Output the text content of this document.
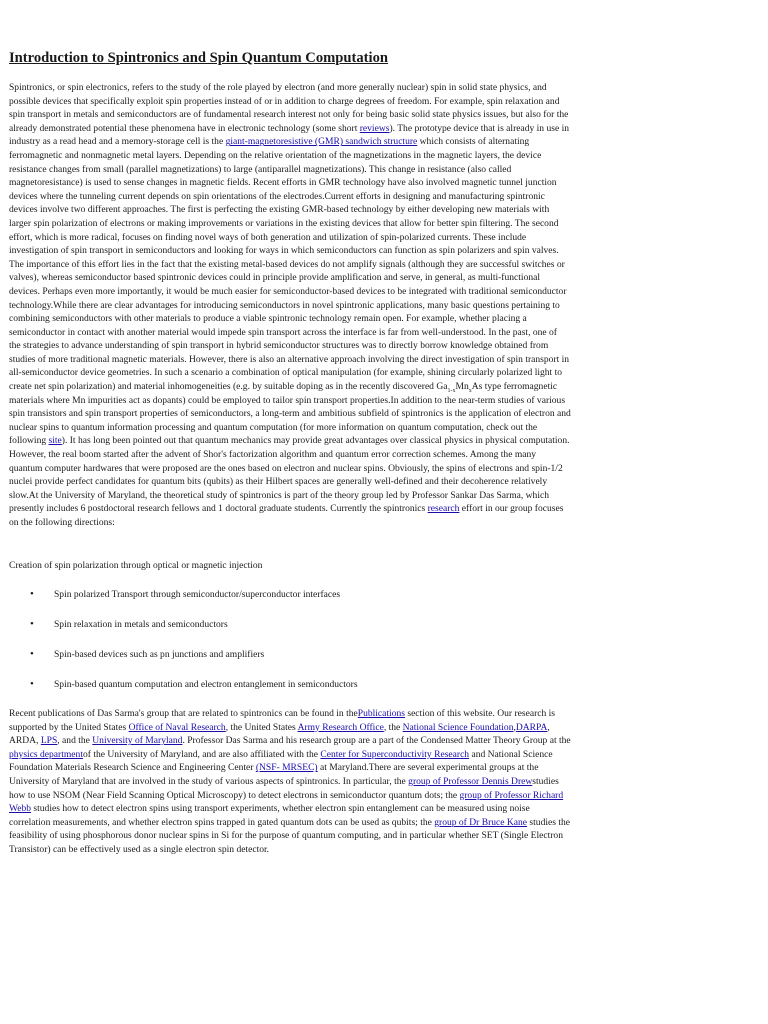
Introduction to Spintronics and Spin Quantum Computation

Spintronics, or spin electronics, refers to the study of the role played by electron (and more generally nuclear) spin in solid state physics, and possible devices that specifically exploit spin properties instead of or in addition to charge degrees of freedom. For example, spin relaxation and spin transport in metals and semiconductors are of fundamental research interest not only for being basic solid state physics issues, but also for the already demonstrated potential these phenomena have in electronic technology (some short reviews). The prototype device that is already in use in industry as a read head and a memory-storage cell is the giant-magnetoresistive (GMR) sandwich structure which consists of alternating ferromagnetic and nonmagnetic metal layers. Depending on the relative orientation of the magnetizations in the magnetic layers, the device resistance changes from small (parallel magnetizations) to large (antiparallel magnetizations). This change in resistance (also called magnetoresistance) is used to sense changes in magnetic fields. Recent efforts in GMR technology have also involved magnetic tunnel junction devices where the tunneling current depends on spin orientations of the electrodes.Current efforts in designing and manufacturing spintronic devices involve two different approaches. The first is perfecting the existing GMR-based technology by either developing new materials with larger spin polarization of electrons or making improvements or variations in the existing devices that allow for better spin filtering. The second effort, which is more radical, focuses on finding novel ways of both generation and utilization of spin-polarized currents. These include investigation of spin transport in semiconductors and looking for ways in which semiconductors can function as spin polarizers and spin valves. The importance of this effort lies in the fact that the existing metal-based devices do not amplify signals (although they are successful switches or valves), whereas semiconductor based spintronic devices could in principle provide amplification and serve, in general, as multi-functional devices. Perhaps even more importantly, it would be much easier for semiconductor-based devices to be integrated with traditional semiconductor technology.While there are clear advantages for introducing semiconductors in novel spintronic applications, many basic questions pertaining to combining semiconductors with other materials to produce a viable spintronic technology remain open. For example, whether placing a semiconductor in contact with another material would impede spin transport across the interface is far from well-understood. In the past, one of the strategies to advance understanding of spin transport in hybrid semiconductor structures was to directly borrow knowledge obtained from studies of more traditional magnetic materials. However, there is also an alternative approach involving the direct investigation of spin transport in all-semiconductor device geometries. In such a scenario a combination of optical manipulation (for example, shining circularly polarized light to create net spin polarization) and material inhomogeneities (e.g. by suitable doping as in the recently discovered $Ga_{1-x}Mn_xAs$ type ferromagnetic materials where Mn impurities act as dopants) could be employed to tailor spin transport properties.In addition to the near-term studies of various spin transistors and spin transport properties of semiconductors, a long-term and ambitious subfield of spintronics is the application of electron and nuclear spins to quantum information processing and quantum computation (for more information on quantum computation, check out the following site). It has long been pointed out that quantum mechanics may provide great advantages over classical physics in physical computation. However, the real boom started after the advent of Shor's factorization algorithm and quantum error correction schemes. Among the many quantum computer hardwares that were proposed are the ones based on electron and nuclear spins. Obviously, the spins of electrons and spin-1/2 nuclei provide perfect candidates for quantum bits (qubits) as their Hilbert spaces are generally well-defined and their decoherence relatively slow.At the University of Maryland, the theoretical study of spintronics is part of the theory group led by Professor Sankar Das Sarma, which presently includes 6 postdoctoral research fellows and 1 doctoral graduate students. Currently the spintronics research effort in our group focuses on the following directions:

Creation of spin polarization through optical or magnetic injection

• Spin polarized Transport through semiconductor/superconductor interfaces
• Spin relaxation in metals and semiconductors
• Spin-based devices such as pn junctions and amplifiers
• Spin-based quantum computation and electron entanglement in semiconductors

Recent publications of Das Sarma's group that are related to spintronics can be found in thePublications section of this website. Our research is supported by the United States Office of Naval Research, the United States Army Research Office, the National Science Foundation,DARPA, ARDA, LPS, and the University of Maryland. Professor Das Sarma and his research group are a part of the Condensed Matter Theory Group at the physics departmentof the University of Maryland, and are also affiliated with the Center for Superconductivity Research and National Science Foundation Materials Research Science and Engineering Center (NSF- MRSEC) at Maryland.There are several experimental groups at the University of Maryland that are involved in the study of various aspects of spintronics. In particular, the group of Professor Dennis Drewstudies how to use NSOM (Near Field Scanning Optical Microscopy) to detect electrons in semiconductor quantum dots; the group of Professor Richard Webb studies how to detect electron spins using transport experiments, whether electron spin entanglement can be measured using noise correlation measurements, and whether electron spins trapped in gated quantum dots can be used as qubits; the group of Dr Bruce Kane studies the feasibility of using phosphorous donor nuclear spins in Si for the purpose of quantum computing, and in particular whether SET (Single Electron Transistor) can be effectively used as a single electron spin detector.
